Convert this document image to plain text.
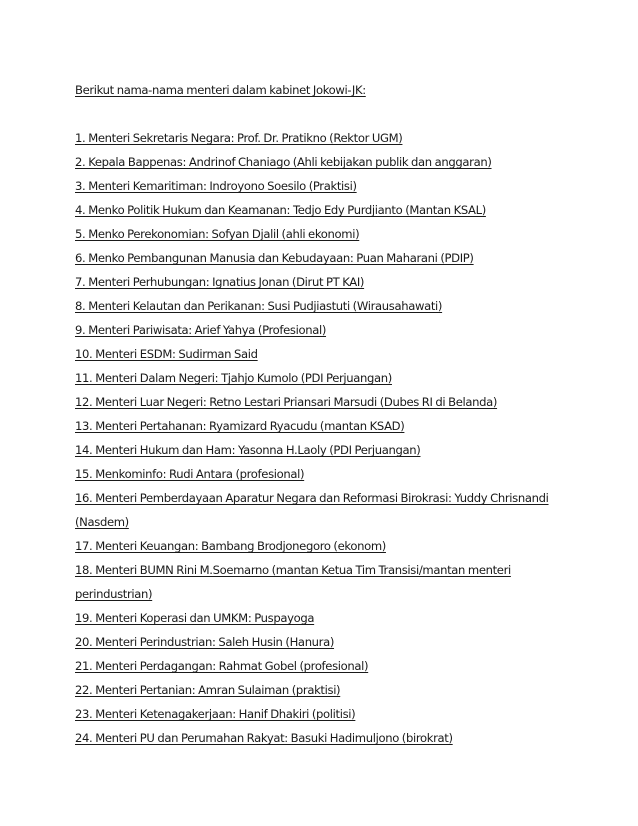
Berikut nama-nama menteri dalam kabinet Jokowi-JK:
1. Menteri Sekretaris Negara: Prof. Dr. Pratikno (Rektor UGM)
2. Kepala Bappenas: Andrinof Chaniago (Ahli kebijakan publik dan anggaran)
3. Menteri Kemaritiman: Indroyono Soesilo (Praktisi)
4. Menko Politik Hukum dan Keamanan: Tedjo Edy Purdjianto (Mantan KSAL)
5. Menko Perekonomian: Sofyan Djalil (ahli ekonomi)
6. Menko Pembangunan Manusia dan Kebudayaan: Puan Maharani (PDIP)
7. Menteri Perhubungan: Ignatius Jonan (Dirut PT KAI)
8. Menteri Kelautan dan Perikanan: Susi Pudjiastuti (Wirausahawati)
9. Menteri Pariwisata: Arief Yahya (Profesional)
10. Menteri ESDM: Sudirman Said
11. Menteri Dalam Negeri: Tjahjo Kumolo (PDI Perjuangan)
12. Menteri Luar Negeri: Retno Lestari Priansari Marsudi (Dubes RI di Belanda)
13. Menteri Pertahanan: Ryamizard Ryacudu (mantan KSAD)
14. Menteri Hukum dan Ham: Yasonna H.Laoly (PDI Perjuangan)
15. Menkominfo: Rudi Antara (profesional)
16. Menteri Pemberdayaan Aparatur Negara dan Reformasi Birokrasi: Yuddy Chrisnandi
(Nasdem)
17. Menteri Keuangan: Bambang Brodjonegoro (ekonom)
18. Menteri BUMN Rini M.Soemarno (mantan Ketua Tim Transisi/mantan menteri
perindustrian)
19. Menteri Koperasi dan UMKM: Puspayoga
20. Menteri Perindustrian: Saleh Husin (Hanura)
21. Menteri Perdagangan: Rahmat Gobel (profesional)
22. Menteri Pertanian: Amran Sulaiman (praktisi)
23. Menteri Ketenagakerjaan: Hanif Dhakiri (politisi)
24. Menteri PU dan Perumahan Rakyat: Basuki Hadimuljono (birokrat)
